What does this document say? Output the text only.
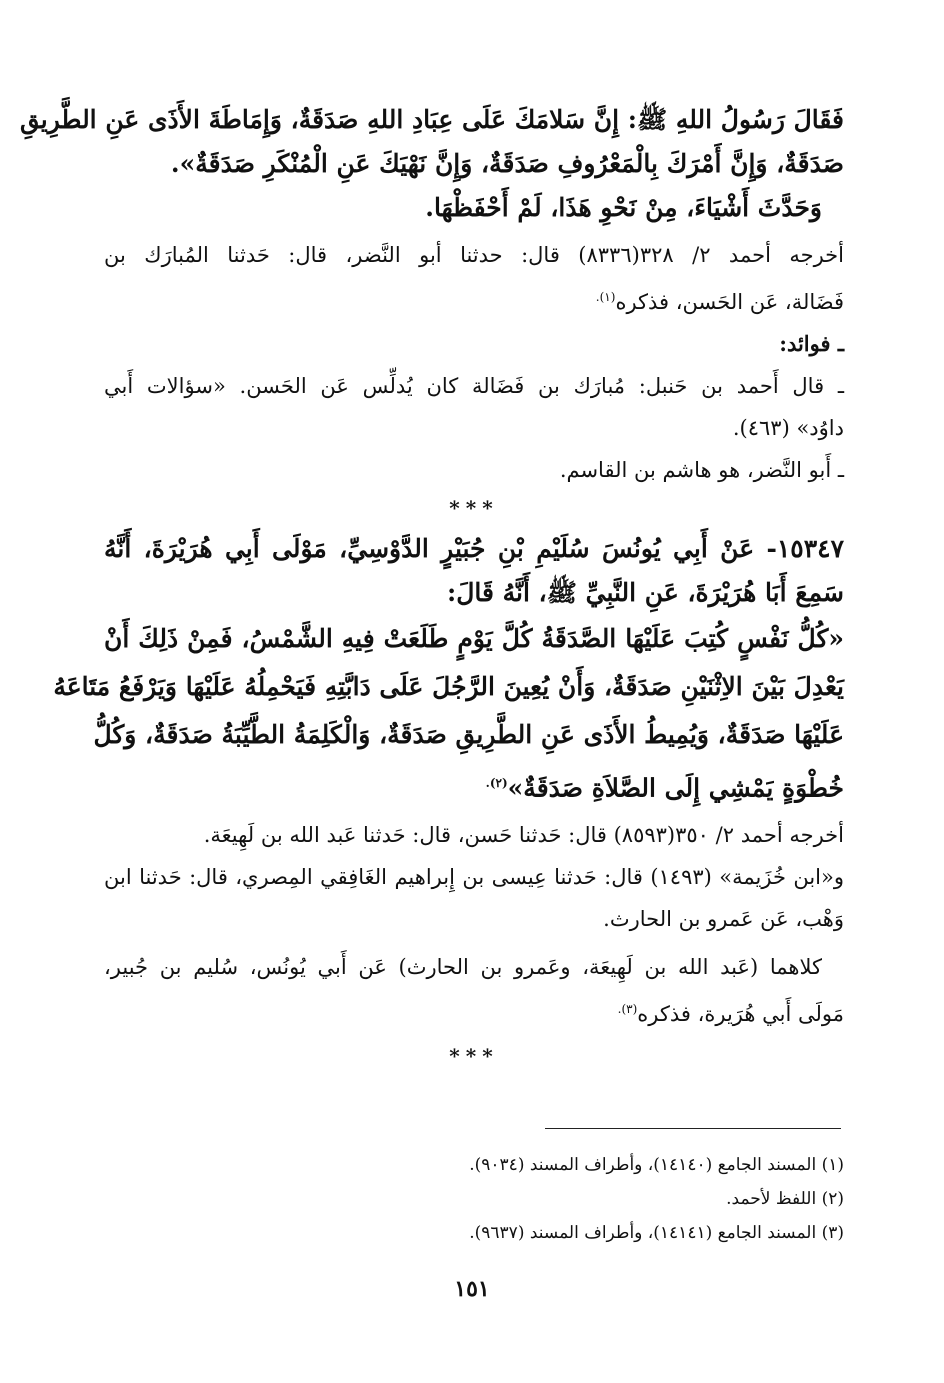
فَقَالَ رَسُولُ اللهِ ﷺ: إِنَّ سَلامَكَ عَلَى عِبَادِ اللهِ صَدَقَةٌ، وَإِمَاطَةَ الأَذَى عَنِ الطَّرِيقِ

صَدَقَةٌ، وَإِنَّ أَمْرَكَ بِالْمَعْرُوفِ صَدَقَةٌ، وَإِنَّ نَهْيَكَ عَنِ الْمُنْكَرِ صَدَقَةٌ».

وَحَدَّثَ أَشْيَاءَ، مِنْ نَحْوِ هَذَا، لَمْ أَحْفَظْهَا.

أخرجه أحمد ٢/ ٣٢٨(٨٣٣٦) قال: حدثنا أبو النَّضر، قال: حَدثنا المُبارَك بن

فَضَالة، عَن الحَسن، فذكره$^{(١).}$

ـ فوائد:

ـ قال أَحمد بن حَنبل: مُبارَك بن فَضَالة كان يُدلِّس عَن الحَسن. «سؤالات أَبي

داوُد» (٤٦٣).

ـ أَبو النَّضر، هو هاشم بن القاسم.

***

١٥٣٤٧- عَنْ أَبِي يُونُسَ سُلَيْمِ بْنِ جُبَيْرٍ الدَّوْسِيِّ، مَوْلَى أَبِي هُرَيْرَةَ، أَنَّهُ

سَمِعَ أَبَا هُرَيْرَةَ، عَنِ النَّبِيِّ ﷺ، أَنَّهُ قَالَ:

«كُلُّ نَفْسٍ كُتِبَ عَلَيْهَا الصَّدَقَةُ كُلَّ يَوْمٍ طَلَعَتْ فِيهِ الشَّمْسُ، فَمِنْ ذَلِكَ أَنْ

يَعْدِلَ بَيْنَ الاِثْنَيْنِ صَدَقَةٌ، وَأَنْ يُعِينَ الرَّجُلَ عَلَى دَابَّتِهِ فَيَحْمِلُهُ عَلَيْهَا وَيَرْفَعُ مَتَاعَهُ

عَلَيْهَا صَدَقَةٌ، وَيُمِيطُ الأَذَى عَنِ الطَّرِيقِ صَدَقَةٌ، وَالْكَلِمَةُ الطَّيِّبَةُ صَدَقَةٌ، وَكُلُّ

خُطْوَةٍ يَمْشِي إِلَى الصَّلاَةِ صَدَقَةٌ»$^{(٢).}$

أخرجه أحمد ٢/ ٣٥٠(٨٥٩٣) قال: حَدثنا حَسن، قال: حَدثنا عَبد الله بن لَهِيعَة.

و«ابن خُزَيمة» (١٤٩٣) قال: حَدثنا عِيسى بن إِبراهيم الغَافِقي المِصري، قال: حَدثنا ابن

وَهْب، عَن عَمرو بن الحارث.

كلاهما (عَبد الله بن لَهِيعَة، وعَمرو بن الحارث) عَن أَبي يُونُس، سُليم بن جُبير،

مَولَى أَبي هُرَيرة، فذكره$^{(٣).}$

***

(١) المسند الجامع (١٤١٤٠)، وأطراف المسند (٩٠٣٤).

(٢) اللفظ لأحمد.

(٣) المسند الجامع (١٤١٤١)، وأطراف المسند (٩٦٣٧).

١٥١
